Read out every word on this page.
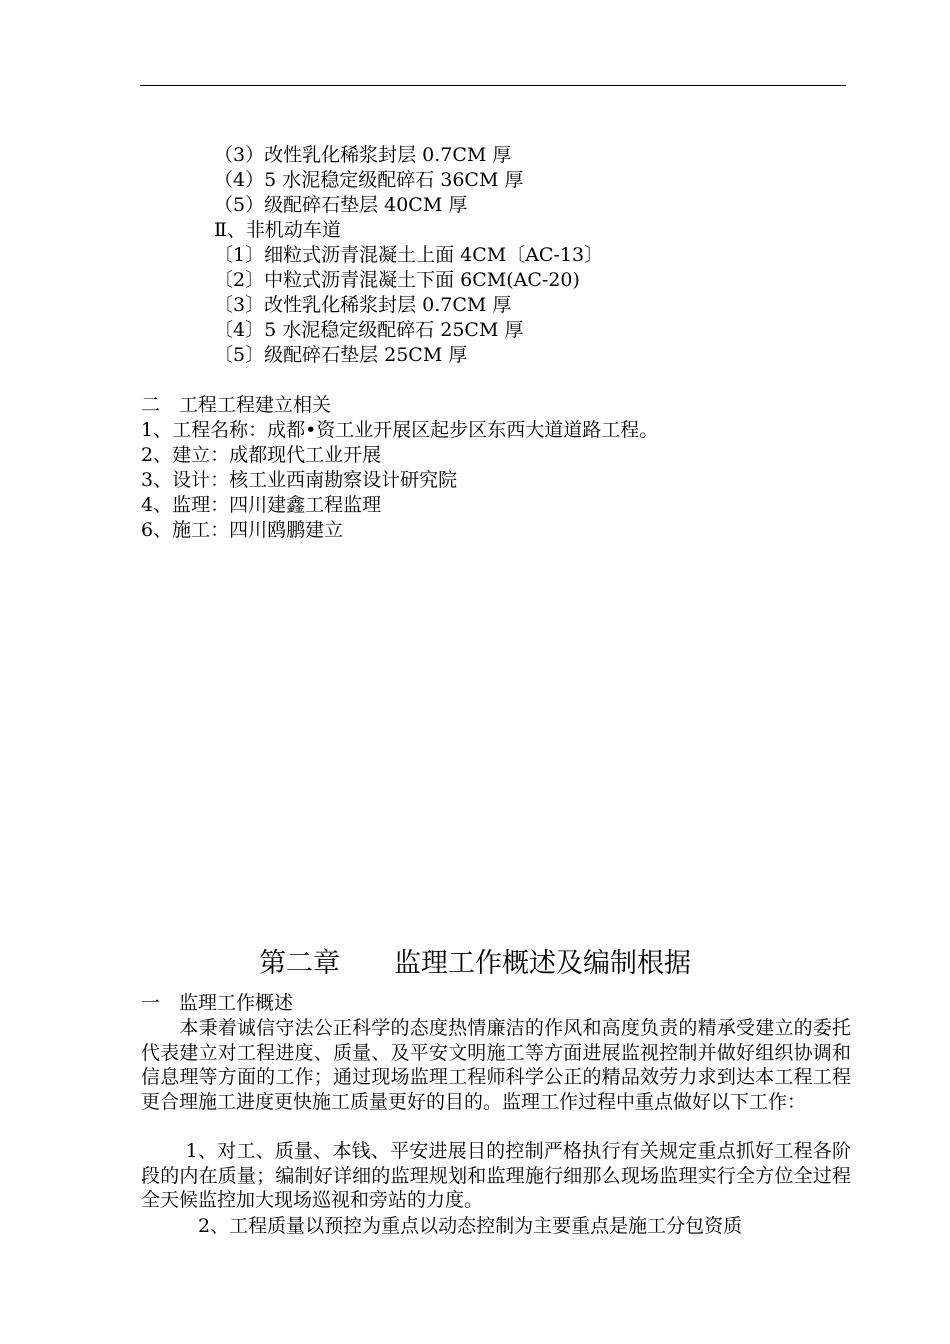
（3）改性乳化稀浆封层 0.7CM 厚
（4）5 水泥稳定级配碎石 36CM 厚
（5）级配碎石垫层 40CM 厚
Ⅱ、非机动车道
〔1〕细粒式沥青混凝土上面 4CM〔AC-13〕
〔2〕中粒式沥青混凝土下面 6CM(AC-20)
〔3〕改性乳化稀浆封层 0.7CM 厚
〔4〕5 水泥稳定级配碎石 25CM 厚
〔5〕级配碎石垫层 25CM 厚
二　工程工程建立相关
1、工程名称：成都•资工业开展区起步区东西大道道路工程。
2、建立：成都现代工业开展
3、设计：核工业西南勘察设计研究院
4、监理：四川建鑫工程监理
6、施工：四川鸥鹏建立
第二章　　监理工作概述及编制根据
一　监理工作概述
　　本秉着诚信守法公正科学的态度热情廉洁的作风和高度负责的精承受建立的委托代表建立对工程进度、质量、及平安文明施工等方面进展监视控制并做好组织协调和信息理等方面的工作；通过现场监理工程师科学公正的精品效劳力求到达本工程工程更合理施工进度更快施工质量更好的目的。监理工作过程中重点做好以下工作：
　　 1、对工、质量、本钱、平安进展目的控制严格执行有关规定重点抓好工程各阶段的内在质量；编制好详细的监理规划和监理施行细那么现场监理实行全方位全过程全天候监控加大现场巡视和旁站的力度。
　　　2、工程质量以预控为重点以动态控制为主要重点是施工分包资质
